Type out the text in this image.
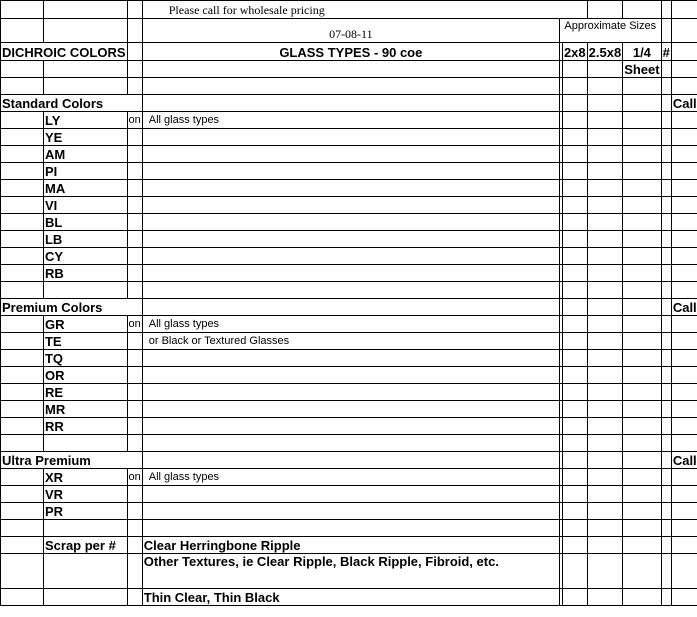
			Please call for wholesale pricing						
			07-08-11	Approximate Sizes					
DICHROIC COLORS			GLASS TYPES - 90 coe		2x8	2.5x8	1/4	#	
							Sheet		

Standard Colors									Call
	LY	on	All glass types						
	YE								
	AM								
	PI								
	MA								
	VI								
	BL								
	LB								
	CY								
	RB								

Premium Colors									Call
	GR	on	All glass types						
	TE		or Black or Textured Glasses						
	TQ								
	OR								
	RE								
	MR								
	RR								

Ultra Premium									Call
	XR	on	All glass types						
	VR								
	PR								

	Scrap per #		Clear Herringbone Ripple						
			Other Textures, ie Clear Ripple, Black Ripple, Fibroid, etc.						
			Thin Clear, Thin Black						
